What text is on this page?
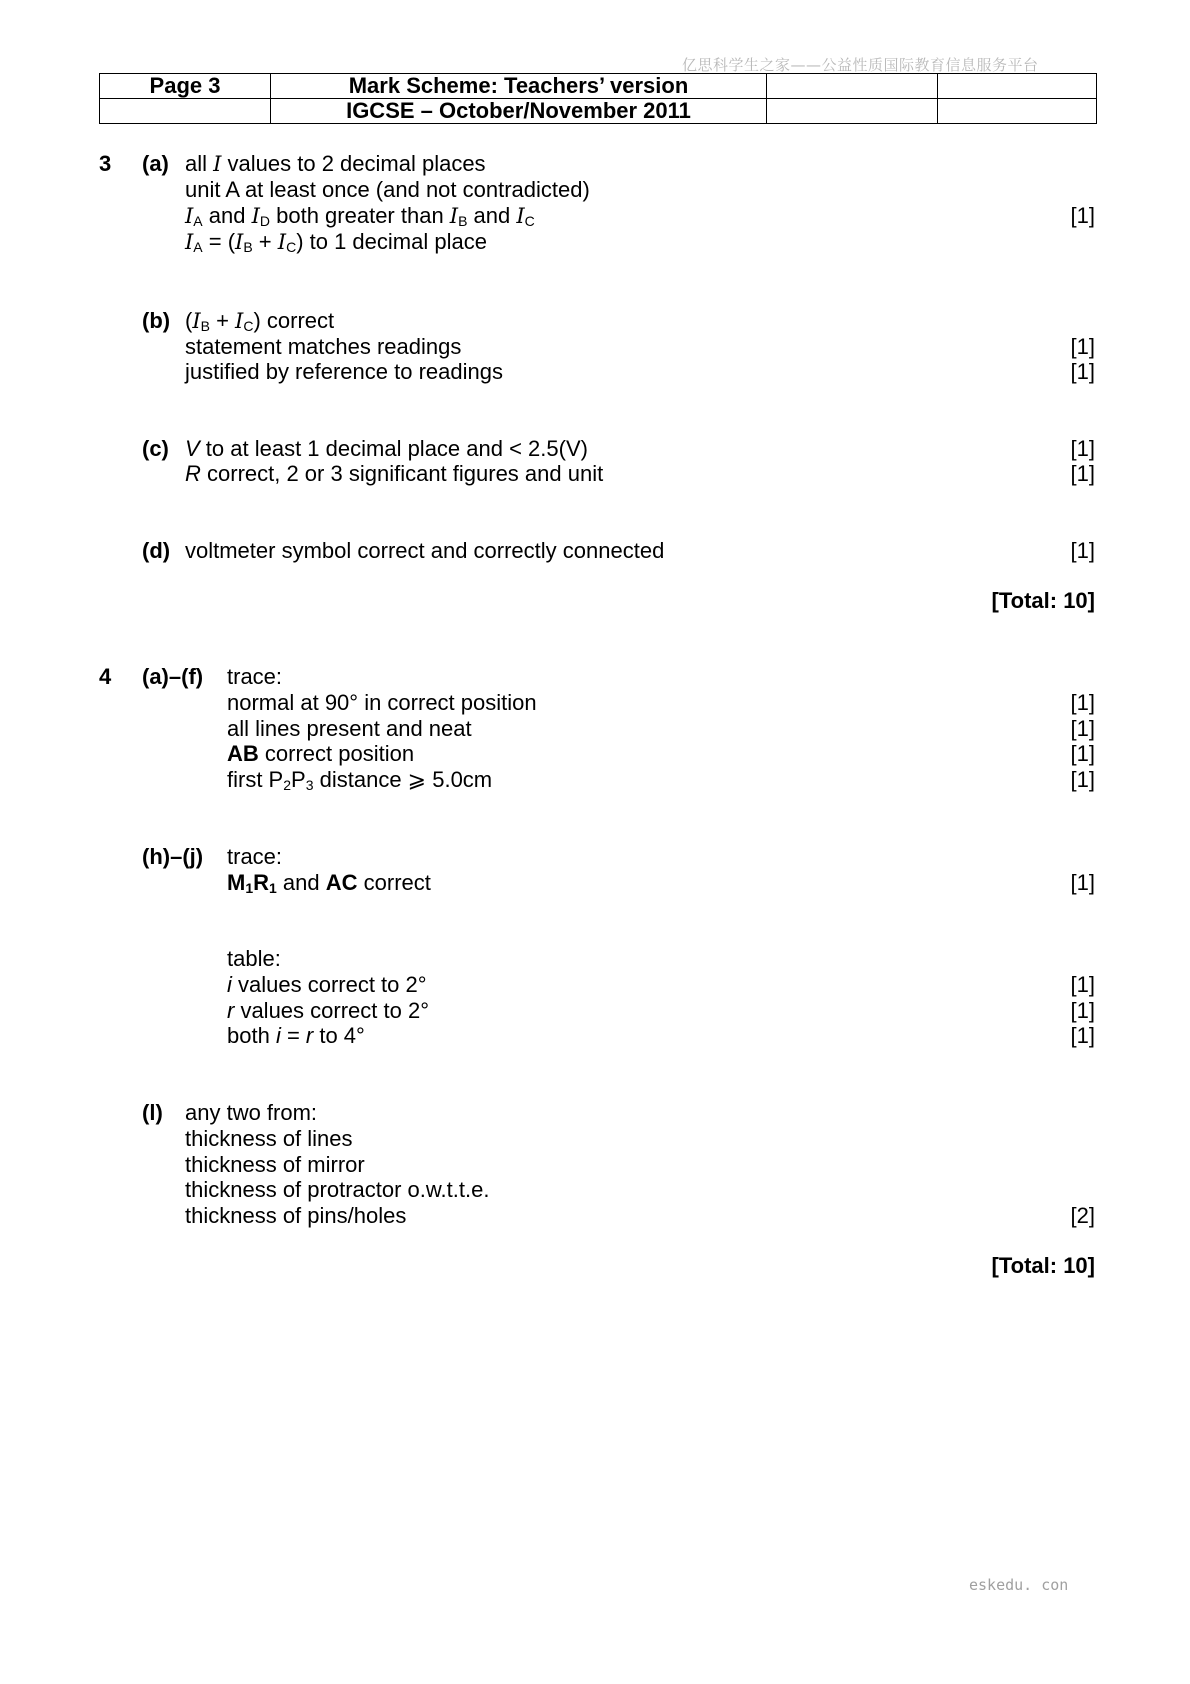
亿思科学生之家——公益性质国际教育信息服务平台
Page 3	Mark Scheme: Teachers’ version		
	IGCSE – October/November 2011		
3 (a) all I values to 2 decimal places
unit A at least once (and not contradicted)
$I_A$ and $I_D$ both greater than $I_B$ and $I_C$	[1]
$I_A = (I_B + I_C)$ to 1 decimal place
(b) $(I_B + I_C)$ correct
statement matches readings	[1]
justified by reference to readings	[1]
(c) V to at least 1 decimal place and < 2.5(V)	[1]
R correct, 2 or 3 significant figures and unit	[1]
(d) voltmeter symbol correct and correctly connected	[1]
[Total: 10]
4 (a)–(f) trace:
normal at 90° in correct position	[1]
all lines present and neat	[1]
AB correct position	[1]
first $P_2P_3$ distance ⩾ 5.0cm	[1]
(h)–(j) trace:
$M_1R_1$ and AC correct	[1]
table:
i values correct to 2°	[1]
r values correct to 2°	[1]
both i = r to 4°	[1]
(l) any two from:
thickness of lines
thickness of mirror
thickness of protractor o.w.t.t.e.
thickness of pins/holes	[2]
[Total: 10]
eskedu. con
